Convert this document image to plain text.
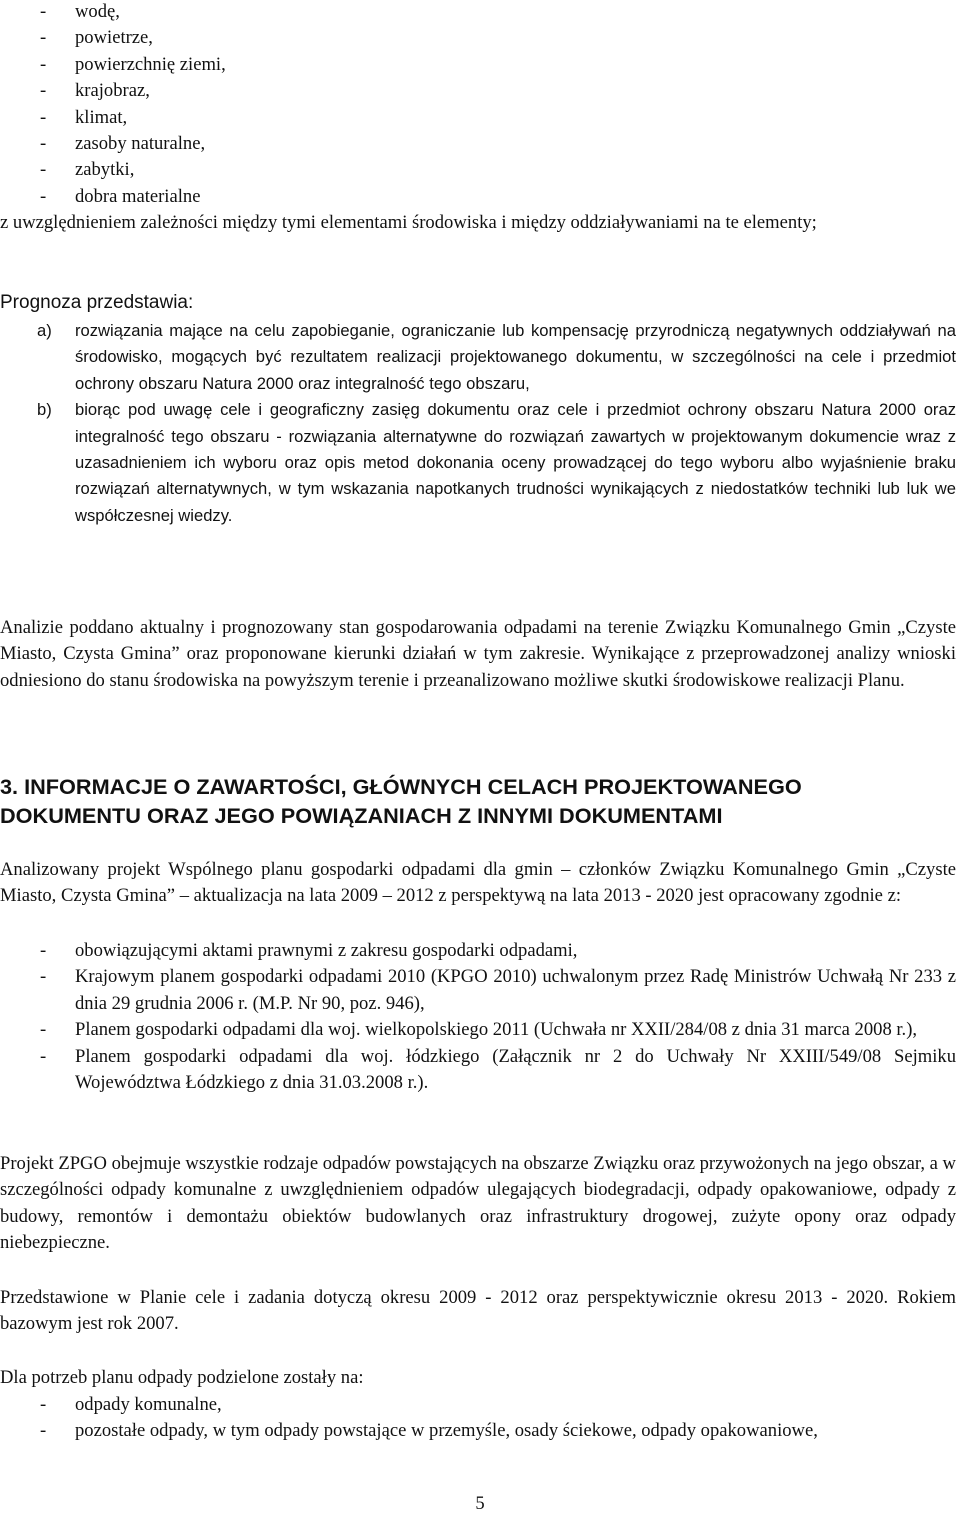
- wodę,
- powietrze,
- powierzchnię ziemi,
- krajobraz,
- klimat,
- zasoby naturalne,
- zabytki,
- dobra materialne

z uwzględnieniem zależności między tymi elementami środowiska i między oddziaływaniami na te elementy;

Prognoza przedstawia:

a) rozwiązania mające na celu zapobieganie, ograniczanie lub kompensację przyrodniczą negatywnych oddziaływań na środowisko, mogących być rezultatem realizacji projektowanego dokumentu, w szczególności na cele i przedmiot ochrony obszaru Natura 2000 oraz integralność tego obszaru,
b) biorąc pod uwagę cele i geograficzny zasięg dokumentu oraz cele i przedmiot ochrony obszaru Natura 2000 oraz integralność tego obszaru - rozwiązania alternatywne do rozwiązań zawartych w projektowanym dokumencie wraz z uzasadnieniem ich wyboru oraz opis metod dokonania oceny prowadzącej do tego wyboru albo wyjaśnienie braku rozwiązań alternatywnych, w tym wskazania napotkanych trudności wynikających z niedostatków techniki lub luk we współczesnej wiedzy.

Analizie poddano aktualny i prognozowany stan gospodarowania odpadami na terenie Związku Komunalnego Gmin „Czyste Miasto, Czysta Gmina” oraz proponowane kierunki działań w tym zakresie. Wynikające z przeprowadzonej analizy wnioski odniesiono do stanu środowiska na powyższym terenie i przeanalizowano możliwe skutki środowiskowe realizacji Planu.

3. INFORMACJE O ZAWARTOŚCI, GŁÓWNYCH CELACH PROJEKTOWANEGO
DOKUMENTU ORAZ JEGO POWIĄZANIACH Z INNYMI DOKUMENTAMI

Analizowany projekt Wspólnego planu gospodarki odpadami dla gmin – członków Związku Komunalnego Gmin „Czyste Miasto, Czysta Gmina” – aktualizacja na lata 2009 – 2012 z perspektywą na lata 2013 - 2020 jest opracowany zgodnie z:

- obowiązującymi aktami prawnymi z zakresu gospodarki odpadami,
- Krajowym planem gospodarki odpadami 2010 (KPGO 2010) uchwalonym przez Radę Ministrów Uchwałą Nr 233 z dnia 29 grudnia 2006 r. (M.P. Nr 90, poz. 946),
- Planem gospodarki odpadami dla woj. wielkopolskiego 2011 (Uchwała nr XXII/284/08 z dnia 31 marca 2008 r.),
- Planem gospodarki odpadami dla woj. łódzkiego (Załącznik nr 2 do Uchwały Nr XXIII/549/08 Sejmiku Województwa Łódzkiego z dnia 31.03.2008 r.).

Projekt ZPGO obejmuje wszystkie rodzaje odpadów powstających na obszarze Związku oraz przywożonych na jego obszar, a w szczególności odpady komunalne z uwzględnieniem odpadów ulegających biodegradacji, odpady opakowaniowe, odpady z budowy, remontów i demontażu obiektów budowlanych oraz infrastruktury drogowej, zużyte opony oraz odpady niebezpieczne.

Przedstawione w Planie cele i zadania dotyczą okresu 2009 - 2012 oraz perspektywicznie okresu 2013 - 2020. Rokiem bazowym jest rok 2007.

Dla potrzeb planu odpady podzielone zostały na:

- odpady komunalne,
- pozostałe odpady, w tym odpady powstające w przemyśle, osady ściekowe, odpady opakowaniowe,
5
